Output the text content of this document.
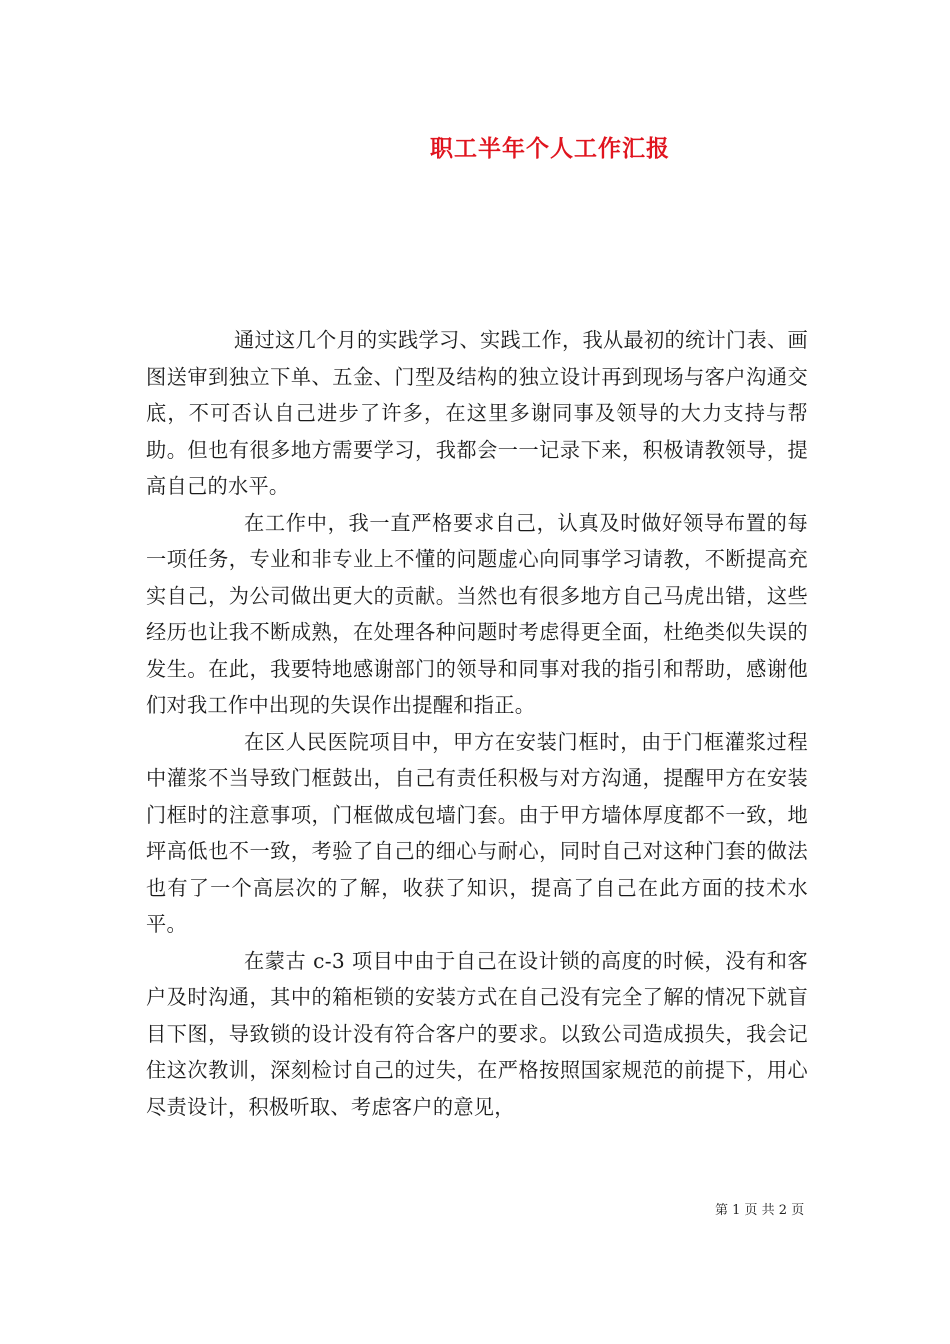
职工半年个人工作汇报

通过这几个月的实践学习、实践工作，我从最初的统计门表、画图送审到独立下单、五金、门型及结构的独立设计再到现场与客户沟通交底，不可否认自己进步了许多，在这里多谢同事及领导的大力支持与帮助。但也有很多地方需要学习，我都会一一记录下来，积极请教领导，提高自己的水平。

在工作中，我一直严格要求自己，认真及时做好领导布置的每一项任务，专业和非专业上不懂的问题虚心向同事学习请教，不断提高充实自己，为公司做出更大的贡献。当然也有很多地方自己马虎出错，这些经历也让我不断成熟，在处理各种问题时考虑得更全面，杜绝类似失误的发生。在此，我要特地感谢部门的领导和同事对我的指引和帮助，感谢他们对我工作中出现的失误作出提醒和指正。

在区人民医院项目中，甲方在安装门框时，由于门框灌浆过程中灌浆不当导致门框鼓出，自己有责任积极与对方沟通，提醒甲方在安装门框时的注意事项，门框做成包墙门套。由于甲方墙体厚度都不一致，地坪高低也不一致，考验了自己的细心与耐心，同时自己对这种门套的做法也有了一个高层次的了解，收获了知识，提高了自己在此方面的技术水平。

在蒙古 c-3 项目中由于自己在设计锁的高度的时候，没有和客户及时沟通，其中的箱柜锁的安装方式在自己没有完全了解的情况下就盲目下图，导致锁的设计没有符合客户的要求。以致公司造成损失，我会记住这次教训，深刻检讨自己的过失，在严格按照国家规范的前提下，用心尽责设计，积极听取、考虑客户的意见，

第 1 页 共 2 页
